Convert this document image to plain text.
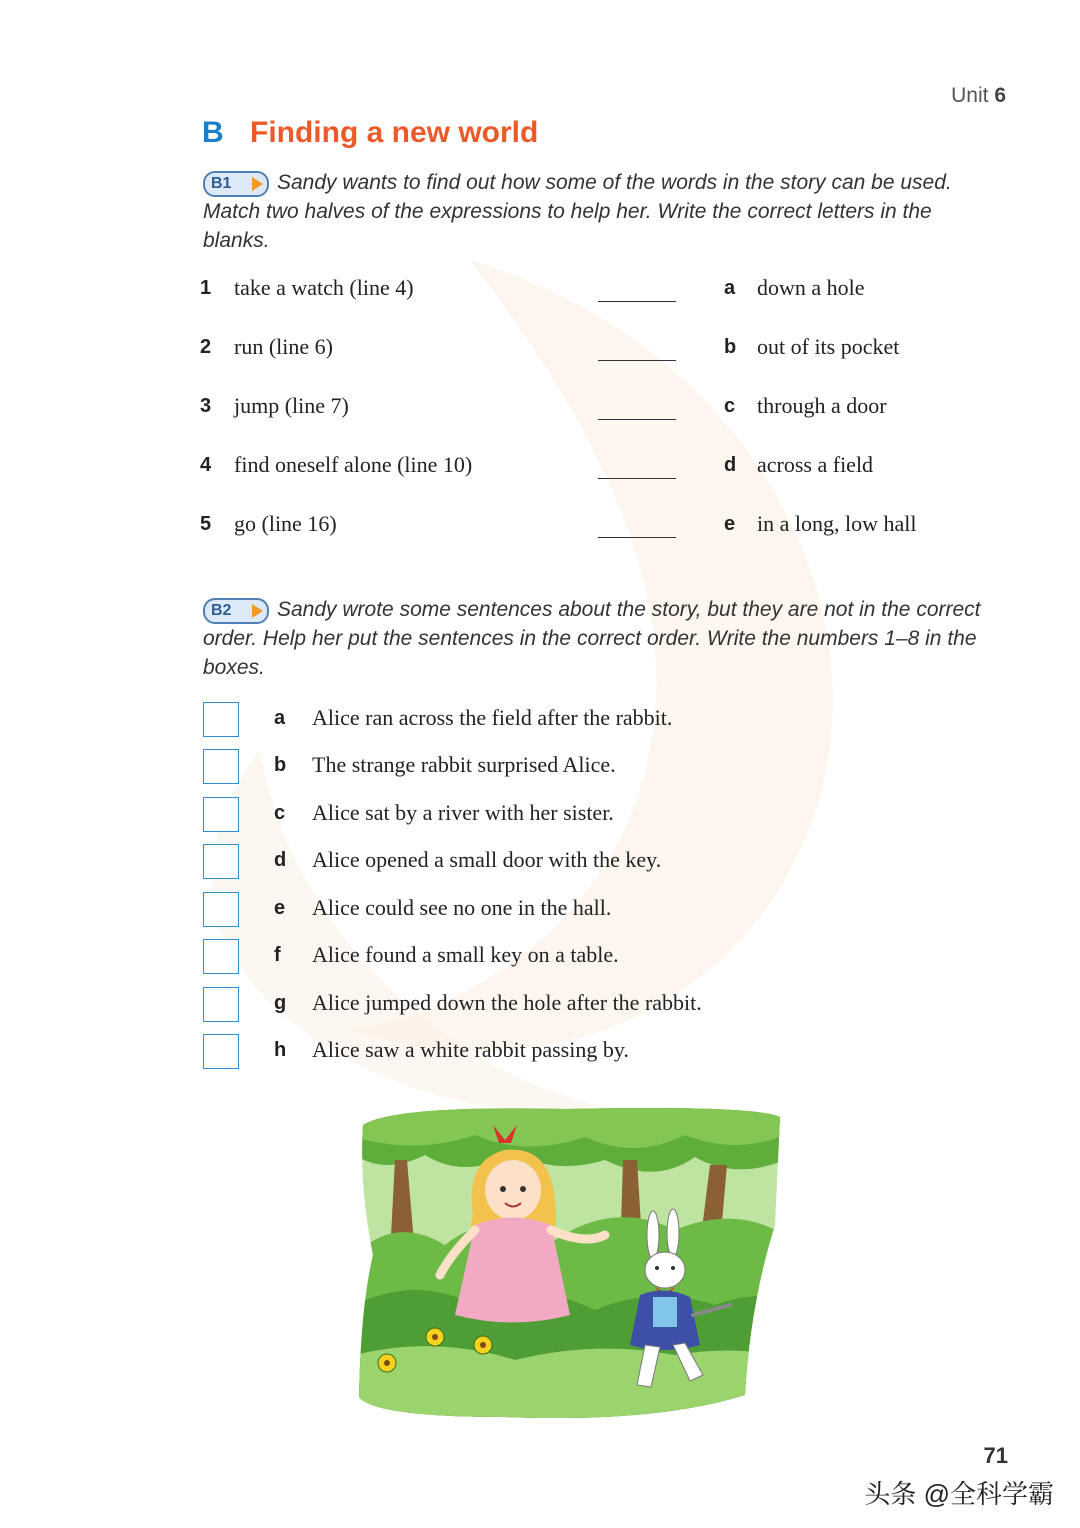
Unit 6
B Finding a new world
B1 Sandy wants to find out how some of the words in the story can be used. Match two halves of the expressions to help her. Write the correct letters in the blanks.
1 take a watch (line 4)	a down a hole
2 run (line 6)	b out of its pocket
3 jump (line 7)	c through a door
4 find oneself alone (line 10)	d across a field
5 go (line 16)	e in a long, low hall
B2 Sandy wrote some sentences about the story, but they are not in the correct order. Help her put the sentences in the correct order. Write the numbers 1–8 in the boxes.
a Alice ran across the field after the rabbit.
b The strange rabbit surprised Alice.
c Alice sat by a river with her sister.
d Alice opened a small door with the key.
e Alice could see no one in the hall.
f Alice found a small key on a table.
g Alice jumped down the hole after the rabbit.
h Alice saw a white rabbit passing by.
71
头条 @全科学霸
